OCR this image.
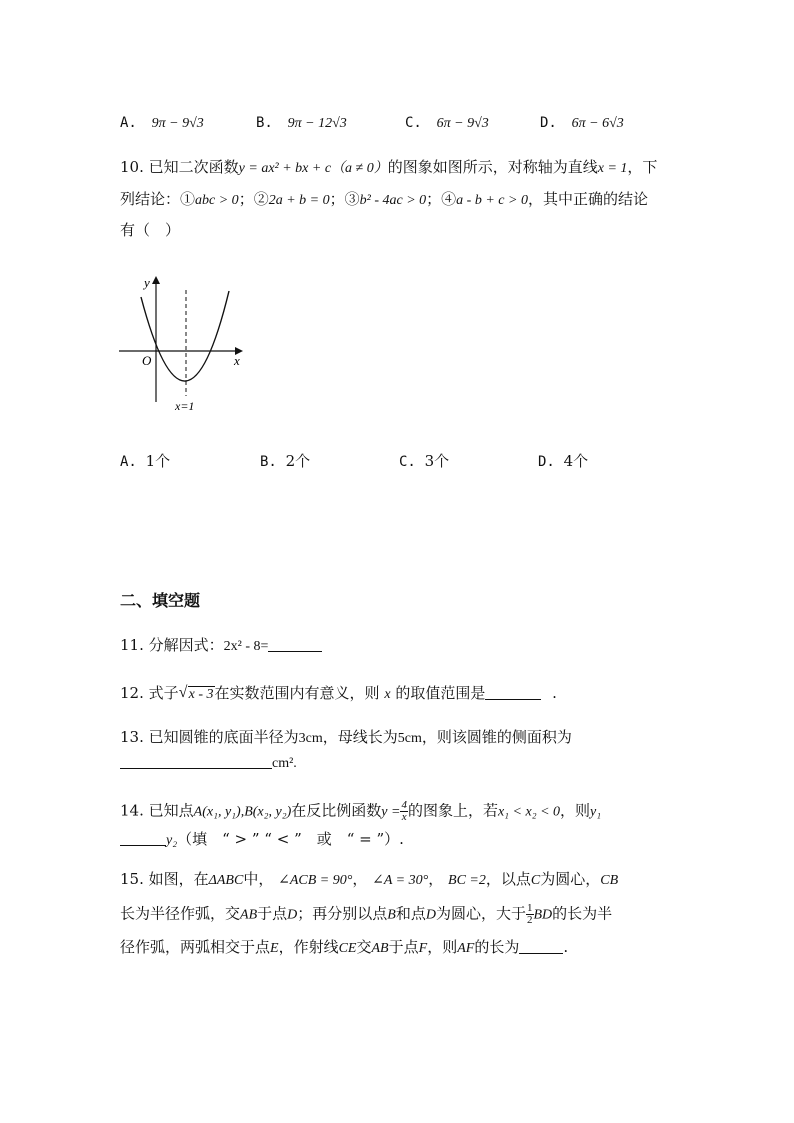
A. 9π − 9√3	B. 9π − 12√3	C. 6π − 9√3	D. 6π − 6√3
10. 已知二次函数y = ax² + bx + c（a ≠ 0）的图象如图所示，对称轴为直线x = 1，下
列结论：①abc > 0；②2a + b = 0；③b² - 4ac > 0；④a - b + c > 0，其中正确的结论
有（　）
y
x
O
x=1
A. 1个	B. 2个	C. 3个	D. 4个
二、填空题
11. 分解因式：2x² - 8=
12. 式子 √ x - 3在实数范围内有意义，则 x 的取值范围是	.
13. 已知圆锥的底面半径为3cm，母线长为5cm，则该圆锥的侧面积为
cm².
14. 已知点A(x₁, y₁),B(x₂, y₂)在反比例函数$y = \frac{4}{x}$ 的图象上，若x₁ < x₂ < 0，则y₁
y₂（填　“ > ” “ < ”　或　“ = ”）.
15. 如图，在ΔABC中， ∠ACB = 90°， ∠A = 30°， BC =2，以点C为圆心，CB
长为半径作弧，交AB于点D；再分别以点B和点D为圆心，大于 $\frac{1}{2}$ BD的长为半
径作弧，两弧相交于点E，作射线CE交AB于点F，则AF的长为	.
